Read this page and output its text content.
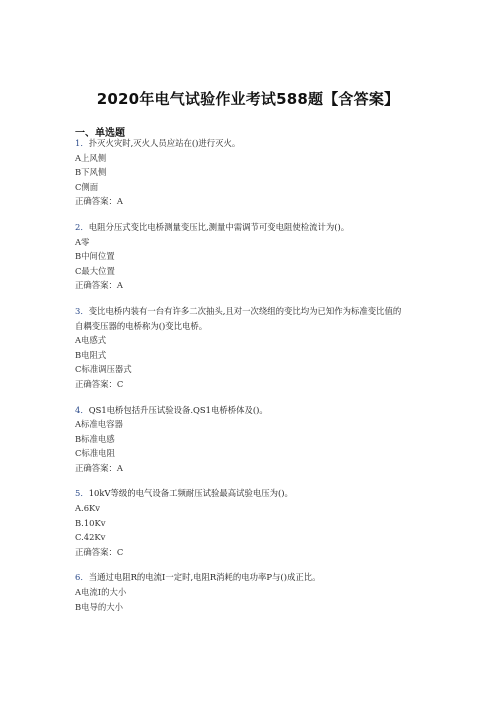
2020年电气试验作业考试588题【含答案】
一、单选题
1．扑灭火灾时,灭火人员应站在()进行灭火。
A上风侧
B下风侧
C侧面
正确答案：A
2．电阻分压式变比电桥测量变压比,测量中需调节可变电阻使检流计为()。
A零
B中间位置
C最大位置
正确答案：A
3．变比电桥内装有一台有许多二次抽头,且对一次绕组的变比均为已知作为标准变比值的
自耦变压器的电桥称为()变比电桥。
A电感式
B电阻式
C标准调压器式
正确答案：C
4．QS1电桥包括升压试验设备.QS1电桥桥体及()。
A标准电容器
B标准电感
C标准电阻
正确答案：A
5．10kV等级的电气设备工频耐压试验最高试验电压为()。
A.6Kv
B.10Kv
C.42Kv
正确答案：C
6．当通过电阻R的电流I一定时,电阻R消耗的电功率P与()成正比。
A电流I的大小
B电导的大小
